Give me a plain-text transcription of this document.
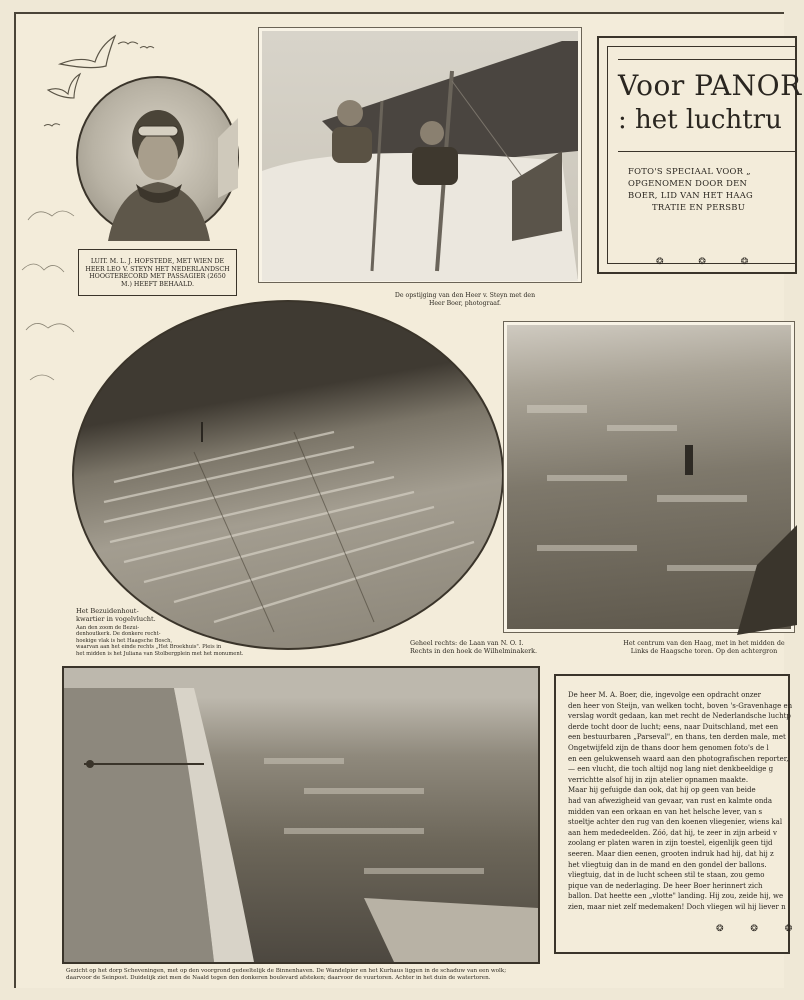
LUIT. M. L. J. HOFSTEDE, MET WIEN DE HEER LEO V. STEYN HET NEDERLANDSCH HOOGTERECORD MET PASSAGIER (2650 M.) HEEFT BEHAALD.
De opstijging van den Heer v. Steyn met den
Heer Boer, photograaf.
Voor PANOR
: het luchtru
FOTO'S SPECIAAL VOOR „
OPGENOMEN DOOR DEN
BOER, LID VAN HET HAAG
TRATIE EN PERSBU
❂ ❂ ❂
Het Bezuidenhout-
kwartier in vogelvlucht.
Aan den zoom de Bezui-
denhoutkerk. De donkere recht-
hoekige vlak is het Haagsche Bosch,
waarvan aan het einde rechts „Het Broekhuis". Pleis in
het midden is het Juliana van Stolbergplein met het monument.
Geheel rechts: de Laan van N. O. I.
Rechts in den hoek de Wilhelminakerk.
Het centrum van den Haag, met in het midden de
Links de Haagsche toren. Op den achtergron
Gezicht op het dorp Scheveningen, met op den voorgrond gedeeltelijk de Binnenhaven. De Wandelpier en het Kurhaus liggen in de schaduw van een wolk;
daarvoor de Seinpost. Duidelijk ziet men de Naald tegen den donkeren boulevard afsteken; daarvoor de vuurtoren. Achter in het duin de watertoren.
De heer M. A. Boer, die, ingevolge een opdracht onzer
den heer von Steijn, van welken tocht, boven 's-Gravenhage en
verslag wordt gedaan, kan met recht de Nederlandsche luchtp
derde tocht door de lucht; eens, naar Duitschland, met een
een bestuurbaren „Parseval", en thans, ten derden male, met
Ongetwijfeld zijn de thans door hem genomen foto's de l
en een gelukwenseh waard aan den photografischen reporter,
— een vlucht, die toch altijd nog lang niet denkbeeldige g
verrichtte alsof hij in zijn atelier opnamen maakte.
Maar hij gefuigde dan ook, dat hij op geen van beide
had van afwezigheid van gevaar, van rust en kalmte onda
midden van een orkaan en van het helsche lever, van s
stoeltje achter den rug van den koenen vliegenier, wiens kal
aan hem mededeelden. Zóó, dat hij, te zeer in zijn arbeid v
zoolang er platen waren in zijn toestel, eigenlijk geen tijd
seeren. Maar dien eenen, grooten indruk had hij, dat hij z
het vliegtuig dan in de mand en den gondel der ballons.
vliegtuig, dat in de lucht scheen stil te staan, zou gemo
pique van de nederlaging. De heer Boer herinnert zich
ballon. Dat heette een „vlotte" landing. Hij zou, zeide hij, we
zien, maar niet zelf medemaken! Doch vliegen wil hij liever n
❂ ❂ ❂
